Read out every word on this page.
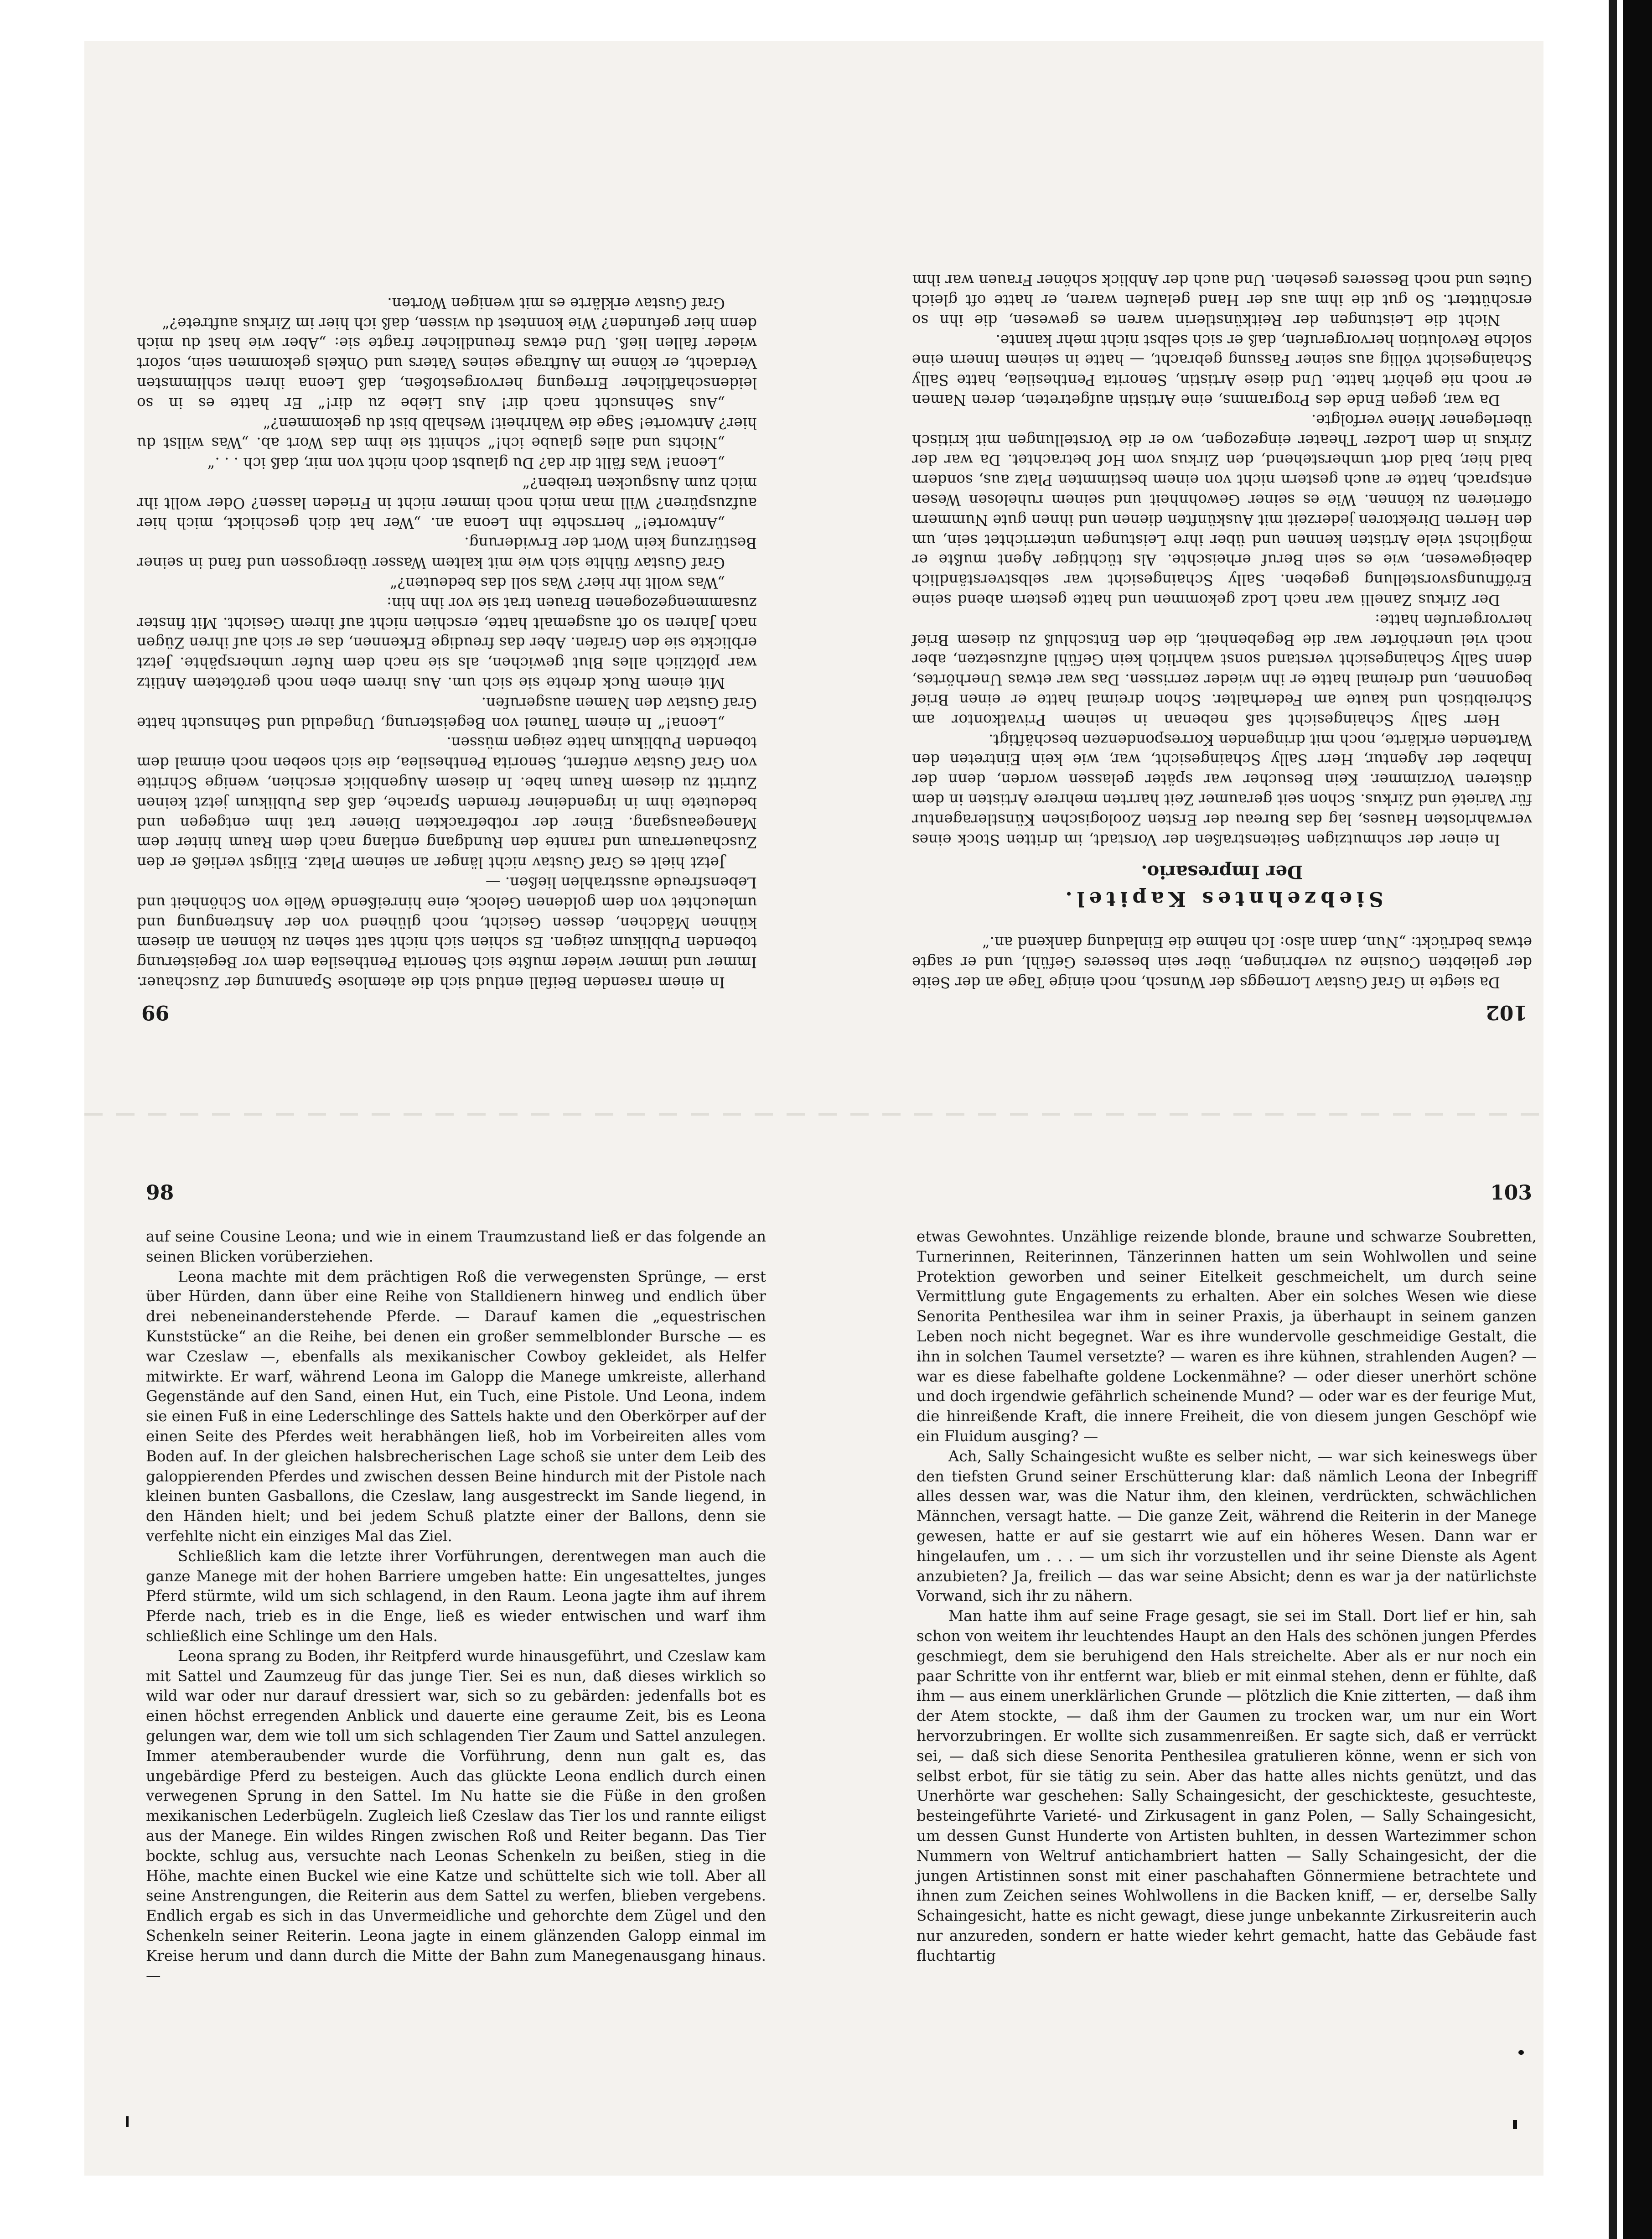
99

In einem rasenden Beifall entlud sich die atemlose Spannung der Zuschauer. Immer und immer wieder mußte sich Senorita Penthesilea dem vor Begeisterung tobenden Publikum zeigen. Es schien sich nicht satt sehen zu können an diesem kühnen Mädchen, dessen Gesicht, noch glühend von der Anstrengung und umleuchtet von dem goldenen Gelock, eine hinreißende Welle von Schönheit und Lebensfreude ausstrahlen ließen. —

Jetzt hielt es Graf Gustav nicht länger an seinem Platz. Eiligst verließ er den Zuschauerraum und rannte den Rundgang entlang nach dem Raum hinter dem Manegeausgang. Einer der rotbefrackten Diener trat ihm entgegen und bedeutete ihm in irgendeiner fremden Sprache, daß das Publikum jetzt keinen Zutritt zu diesem Raum habe. In diesem Augenblick erschien, wenige Schritte von Graf Gustav entfernt, Senorita Penthesilea, die sich soeben noch einmal dem tobenden Publikum hatte zeigen müssen.

„Leona!“ In einem Taumel von Begeisterung, Ungeduld und Sehnsucht hatte Graf Gustav den Namen ausgerufen.

Mit einem Ruck drehte sie sich um. Aus ihrem eben noch gerötetem Antlitz war plötzlich alles Blut gewichen, als sie nach dem Rufer umherspähte. Jetzt erblickte sie den Grafen. Aber das freudige Erkennen, das er sich auf ihren Zügen nach Jahren so oft ausgemalt hatte, erschien nicht auf ihrem Gesicht. Mit finster zusammengezogenen Brauen trat sie vor ihn hin:

„Was wollt ihr hier? Was soll das bedeuten?“

Graf Gustav fühlte sich wie mit kaltem Wasser übergossen und fand in seiner Bestürzung kein Wort der Erwiderung.

„Antworte!“ herrschte ihn Leona an. „Wer hat dich geschickt, mich hier aufzuspüren? Will man mich noch immer nicht in Frieden lassen? Oder wollt ihr mich zum Ausgucken treiben?“

„Leona! Was fällt dir da? Du glaubst doch nicht von mir, daß ich . . .“

„Nichts und alles glaube ich!“ schnitt sie ihm das Wort ab. „Was willst du hier? Antworte! Sage die Wahrheit! Weshalb bist du gekommen?“

„Aus Sehnsucht nach dir! Aus Liebe zu dir!“ Er hatte es in so leidenschaftlicher Erregung hervorgestoßen, daß Leona ihren schlimmsten Verdacht, er könne im Auftrage seines Vaters und Onkels gekommen sein, sofort wieder fallen ließ. Und etwas freundlicher fragte sie: „Aber wie hast du mich denn hier gefunden? Wie konntest du wissen, daß ich hier im Zirkus auftrete?“

Graf Gustav erklärte es mit wenigen Worten.

102

Da siegte in Graf Gustav Lorneggs der Wunsch, noch einige Tage an der Seite der geliebten Cousine zu verbringen, über sein besseres Gefühl, und er sagte etwas bedrückt: „Nun, dann also: Ich nehme die Einladung dankend an.“

Siebzehntes Kapitel.
Der Impresario.

In einer der schmutzigen Seitenstraßen der Vorstadt, im dritten Stock eines verwahrlosten Hauses, lag das Bureau der Ersten Zoologischen Künstleragentur für Varieté und Zirkus. Schon seit geraumer Zeit harrten mehrere Artisten in dem düsteren Vorzimmer. Kein Besucher war später gelassen worden, denn der Inhaber der Agentur, Herr Sally Schaingesicht, war, wie kein Eintreten den Wartenden erklärte, noch mit dringenden Korrespondenzen beschäftigt.

Herr Sally Schaingesicht saß nebenan in seinem Privatkontor am Schreibtisch und kaute am Federhalter. Schon dreimal hatte er einen Brief begonnen, und dreimal hatte er ihn wieder zerrissen. Das war etwas Unerhörtes, denn Sally Schaingesicht verstand sonst wahrlich kein Gefühl aufzusetzen, aber noch viel unerhörter war die Begebenheit, die den Entschluß zu diesem Brief hervorgerufen hatte:

Der Zirkus Zanelli war nach Lodz gekommen und hatte gestern abend seine Eröffnungsvorstellung gegeben. Sally Schaingesicht war selbstverständlich dabeigewesen, wie es sein Beruf erheischte. Als tüchtiger Agent mußte er möglichst viele Artisten kennen und über ihre Leistungen unterrichtet sein, um den Herren Direktoren jederzeit mit Auskünften dienen und ihnen gute Nummern offerieren zu können. Wie es seiner Gewohnheit und seinem ruhelosen Wesen entsprach, hatte er auch gestern nicht von einem bestimmten Platz aus, sondern bald hier, bald dort umherstehend, den Zirkus vom Hof betrachtet. Da war der Zirkus in dem Lodzer Theater eingezogen, wo er die Vorstellungen mit kritisch überlegener Miene verfolgte.

Da war, gegen Ende des Programms, eine Artistin aufgetreten, deren Namen er noch nie gehört hatte. Und diese Artistin, Senorita Penthesilea, hatte Sally Schaingesicht völlig aus seiner Fassung gebracht, — hatte in seinem Innern eine solche Revolution hervorgerufen, daß er sich selbst nicht mehr kannte.

Nicht die Leistungen der Reitkünstlerin waren es gewesen, die ihn so erschüttert. So gut die ihm aus der Hand gelaufen waren, er hatte oft gleich Gutes und noch Besseres gesehen. Und auch der Anblick schöner Frauen war ihm

98

auf seine Cousine Leona; und wie in einem Traumzustand ließ er das folgende an seinen Blicken vorüberziehen.

Leona machte mit dem prächtigen Roß die verwegensten Sprünge, — erst über Hürden, dann über eine Reihe von Stalldienern hinweg und endlich über drei nebeneinanderstehende Pferde. — Darauf kamen die „equestrischen Kunststücke“ an die Reihe, bei denen ein großer semmelblonder Bursche — es war Czeslaw —, ebenfalls als mexikanischer Cowboy gekleidet, als Helfer mitwirkte. Er warf, während Leona im Galopp die Manege umkreiste, allerhand Gegenstände auf den Sand, einen Hut, ein Tuch, eine Pistole. Und Leona, indem sie einen Fuß in eine Lederschlinge des Sattels hakte und den Oberkörper auf der einen Seite des Pferdes weit herabhängen ließ, hob im Vorbeireiten alles vom Boden auf. In der gleichen halsbrecherischen Lage schoß sie unter dem Leib des galoppierenden Pferdes und zwischen dessen Beine hindurch mit der Pistole nach kleinen bunten Gasballons, die Czeslaw, lang ausgestreckt im Sande liegend, in den Händen hielt; und bei jedem Schuß platzte einer der Ballons, denn sie verfehlte nicht ein einziges Mal das Ziel.

Schließlich kam die letzte ihrer Vorführungen, derentwegen man auch die ganze Manege mit der hohen Barriere umgeben hatte: Ein ungesatteltes, junges Pferd stürmte, wild um sich schlagend, in den Raum. Leona jagte ihm auf ihrem Pferde nach, trieb es in die Enge, ließ es wieder entwischen und warf ihm schließlich eine Schlinge um den Hals.

Leona sprang zu Boden, ihr Reitpferd wurde hinausgeführt, und Czeslaw kam mit Sattel und Zaumzeug für das junge Tier. Sei es nun, daß dieses wirklich so wild war oder nur darauf dressiert war, sich so zu gebärden: jedenfalls bot es einen höchst erregenden Anblick und dauerte eine geraume Zeit, bis es Leona gelungen war, dem wie toll um sich schlagenden Tier Zaum und Sattel anzulegen. Immer atemberaubender wurde die Vorführung, denn nun galt es, das ungebärdige Pferd zu besteigen. Auch das glückte Leona endlich durch einen verwegenen Sprung in den Sattel. Im Nu hatte sie die Füße in den großen mexikanischen Lederbügeln. Zugleich ließ Czeslaw das Tier los und rannte eiligst aus der Manege. Ein wildes Ringen zwischen Roß und Reiter begann. Das Tier bockte, schlug aus, versuchte nach Leonas Schenkeln zu beißen, stieg in die Höhe, machte einen Buckel wie eine Katze und schüttelte sich wie toll. Aber all seine Anstrengungen, die Reiterin aus dem Sattel zu werfen, blieben vergebens. Endlich ergab es sich in das Unvermeidliche und gehorchte dem Zügel und den Schenkeln seiner Reiterin. Leona jagte in einem glänzenden Galopp einmal im Kreise herum und dann durch die Mitte der Bahn zum Manegenausgang hinaus. —

103

etwas Gewohntes. Unzählige reizende blonde, braune und schwarze Soubretten, Turnerinnen, Reiterinnen, Tänzerinnen hatten um sein Wohlwollen und seine Protektion geworben und seiner Eitelkeit geschmeichelt, um durch seine Vermittlung gute Engagements zu erhalten. Aber ein solches Wesen wie diese Senorita Penthesilea war ihm in seiner Praxis, ja überhaupt in seinem ganzen Leben noch nicht begegnet. War es ihre wundervolle geschmeidige Gestalt, die ihn in solchen Taumel versetzte? — waren es ihre kühnen, strahlenden Augen? — war es diese fabelhafte goldene Lockenmähne? — oder dieser unerhört schöne und doch irgendwie gefährlich scheinende Mund? — oder war es der feurige Mut, die hinreißende Kraft, die innere Freiheit, die von diesem jungen Geschöpf wie ein Fluidum ausging? —

Ach, Sally Schaingesicht wußte es selber nicht, — war sich keineswegs über den tiefsten Grund seiner Erschütterung klar: daß nämlich Leona der Inbegriff alles dessen war, was die Natur ihm, den kleinen, verdrückten, schwächlichen Männchen, versagt hatte. — Die ganze Zeit, während die Reiterin in der Manege gewesen, hatte er auf sie gestarrt wie auf ein höheres Wesen. Dann war er hingelaufen, um . . . — um sich ihr vorzustellen und ihr seine Dienste als Agent anzubieten? Ja, freilich — das war seine Absicht; denn es war ja der natürlichste Vorwand, sich ihr zu nähern.

Man hatte ihm auf seine Frage gesagt, sie sei im Stall. Dort lief er hin, sah schon von weitem ihr leuchtendes Haupt an den Hals des schönen jungen Pferdes geschmiegt, dem sie beruhigend den Hals streichelte. Aber als er nur noch ein paar Schritte von ihr entfernt war, blieb er mit einmal stehen, denn er fühlte, daß ihm — aus einem unerklärlichen Grunde — plötzlich die Knie zitterten, — daß ihm der Atem stockte, — daß ihm der Gaumen zu trocken war, um nur ein Wort hervorzubringen. Er wollte sich zusammenreißen. Er sagte sich, daß er verrückt sei, — daß sich diese Senorita Penthesilea gratulieren könne, wenn er sich von selbst erbot, für sie tätig zu sein. Aber das hatte alles nichts genützt, und das Unerhörte war geschehen: Sally Schaingesicht, der geschickteste, gesuchteste, bestеingeführte Varieté- und Zirkusagent in ganz Polen, — Sally Schaingesicht, um dessen Gunst Hunderte von Artisten buhlten, in dessen Wartezimmer schon Nummern von Weltruf antichambriert hatten — Sally Schaingesicht, der die jungen Artistinnen sonst mit einer paschahaften Gönnermiene betrachtete und ihnen zum Zeichen seines Wohlwollens in die Backen kniff, — er, derselbe Sally Schaingesicht, hatte es nicht gewagt, diese junge unbekannte Zirkusreiterin auch nur anzureden, sondern er hatte wieder kehrt gemacht, hatte das Gebäude fast fluchtartig
